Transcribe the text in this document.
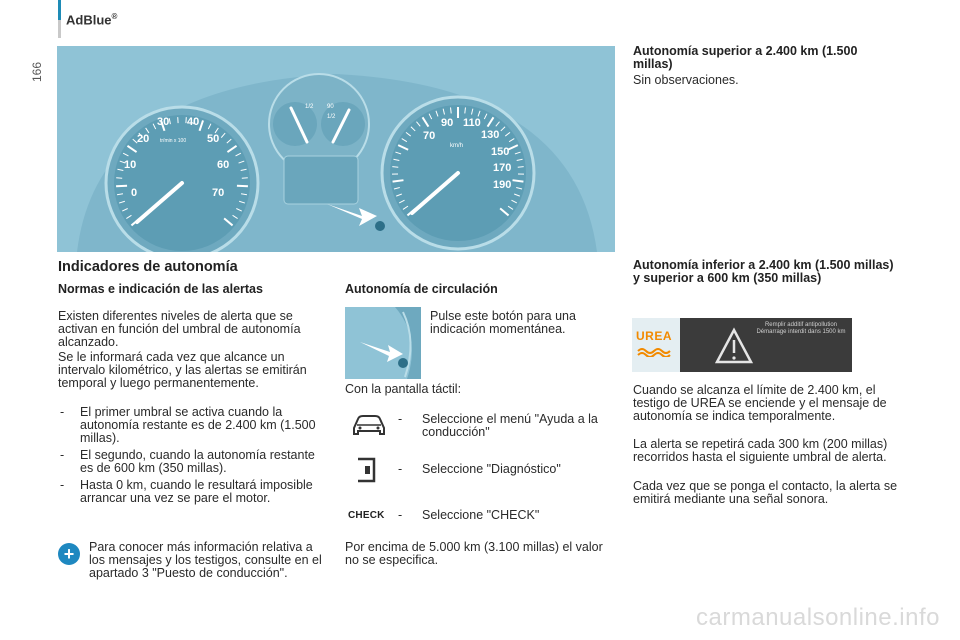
AdBlue®
166
0
10
20
30 40
50
60
70
tr/min x 100
1/2 90
1/2
70
90 110
130
150
170
190
km/h
Indicadores de autonomía
Normas e indicación de las alertas
Existen diferentes niveles de alerta que se activan en función del umbral de autonomía alcanzado.
Se le informará cada vez que alcance un intervalo kilométrico, y las alertas se emitirán temporal y luego permanentemente.
- El primer umbral se activa cuando la autonomía restante es de 2.400 km (1.500 millas).
- El segundo, cuando la autonomía restante es de 600 km (350 millas).
- Hasta 0 km, cuando le resultará imposible arrancar una vez se pare el motor.
+	Para conocer más información relativa a los mensajes y los testigos, consulte en el apartado 3 "Puesto de conducción".
Autonomía de circulación
Pulse este botón para una indicación momentánea.
Con la pantalla táctil:
- Seleccione el menú "Ayuda a la conducción"
- Seleccione "Diagnóstico"
CHECK - Seleccione "CHECK"
Por encima de 5.000 km (3.100 millas) el valor no se especifica.
Autonomía superior a 2.400 km (1.500 millas)
Sin observaciones.
Autonomía inferior a 2.400 km (1.500 millas) y superior a 600 km (350 millas)
UREA
Remplir additif antipollution Démarrage interdit dans 1500 km
Cuando se alcanza el límite de 2.400 km, el testigo de UREA se enciende y el mensaje de autonomía se indica temporalmente.
La alerta se repetirá cada 300 km (200 millas) recorridos hasta el siguiente umbral de alerta.
Cada vez que se ponga el contacto, la alerta se emitirá mediante una señal sonora.
carmanualsonline.info
